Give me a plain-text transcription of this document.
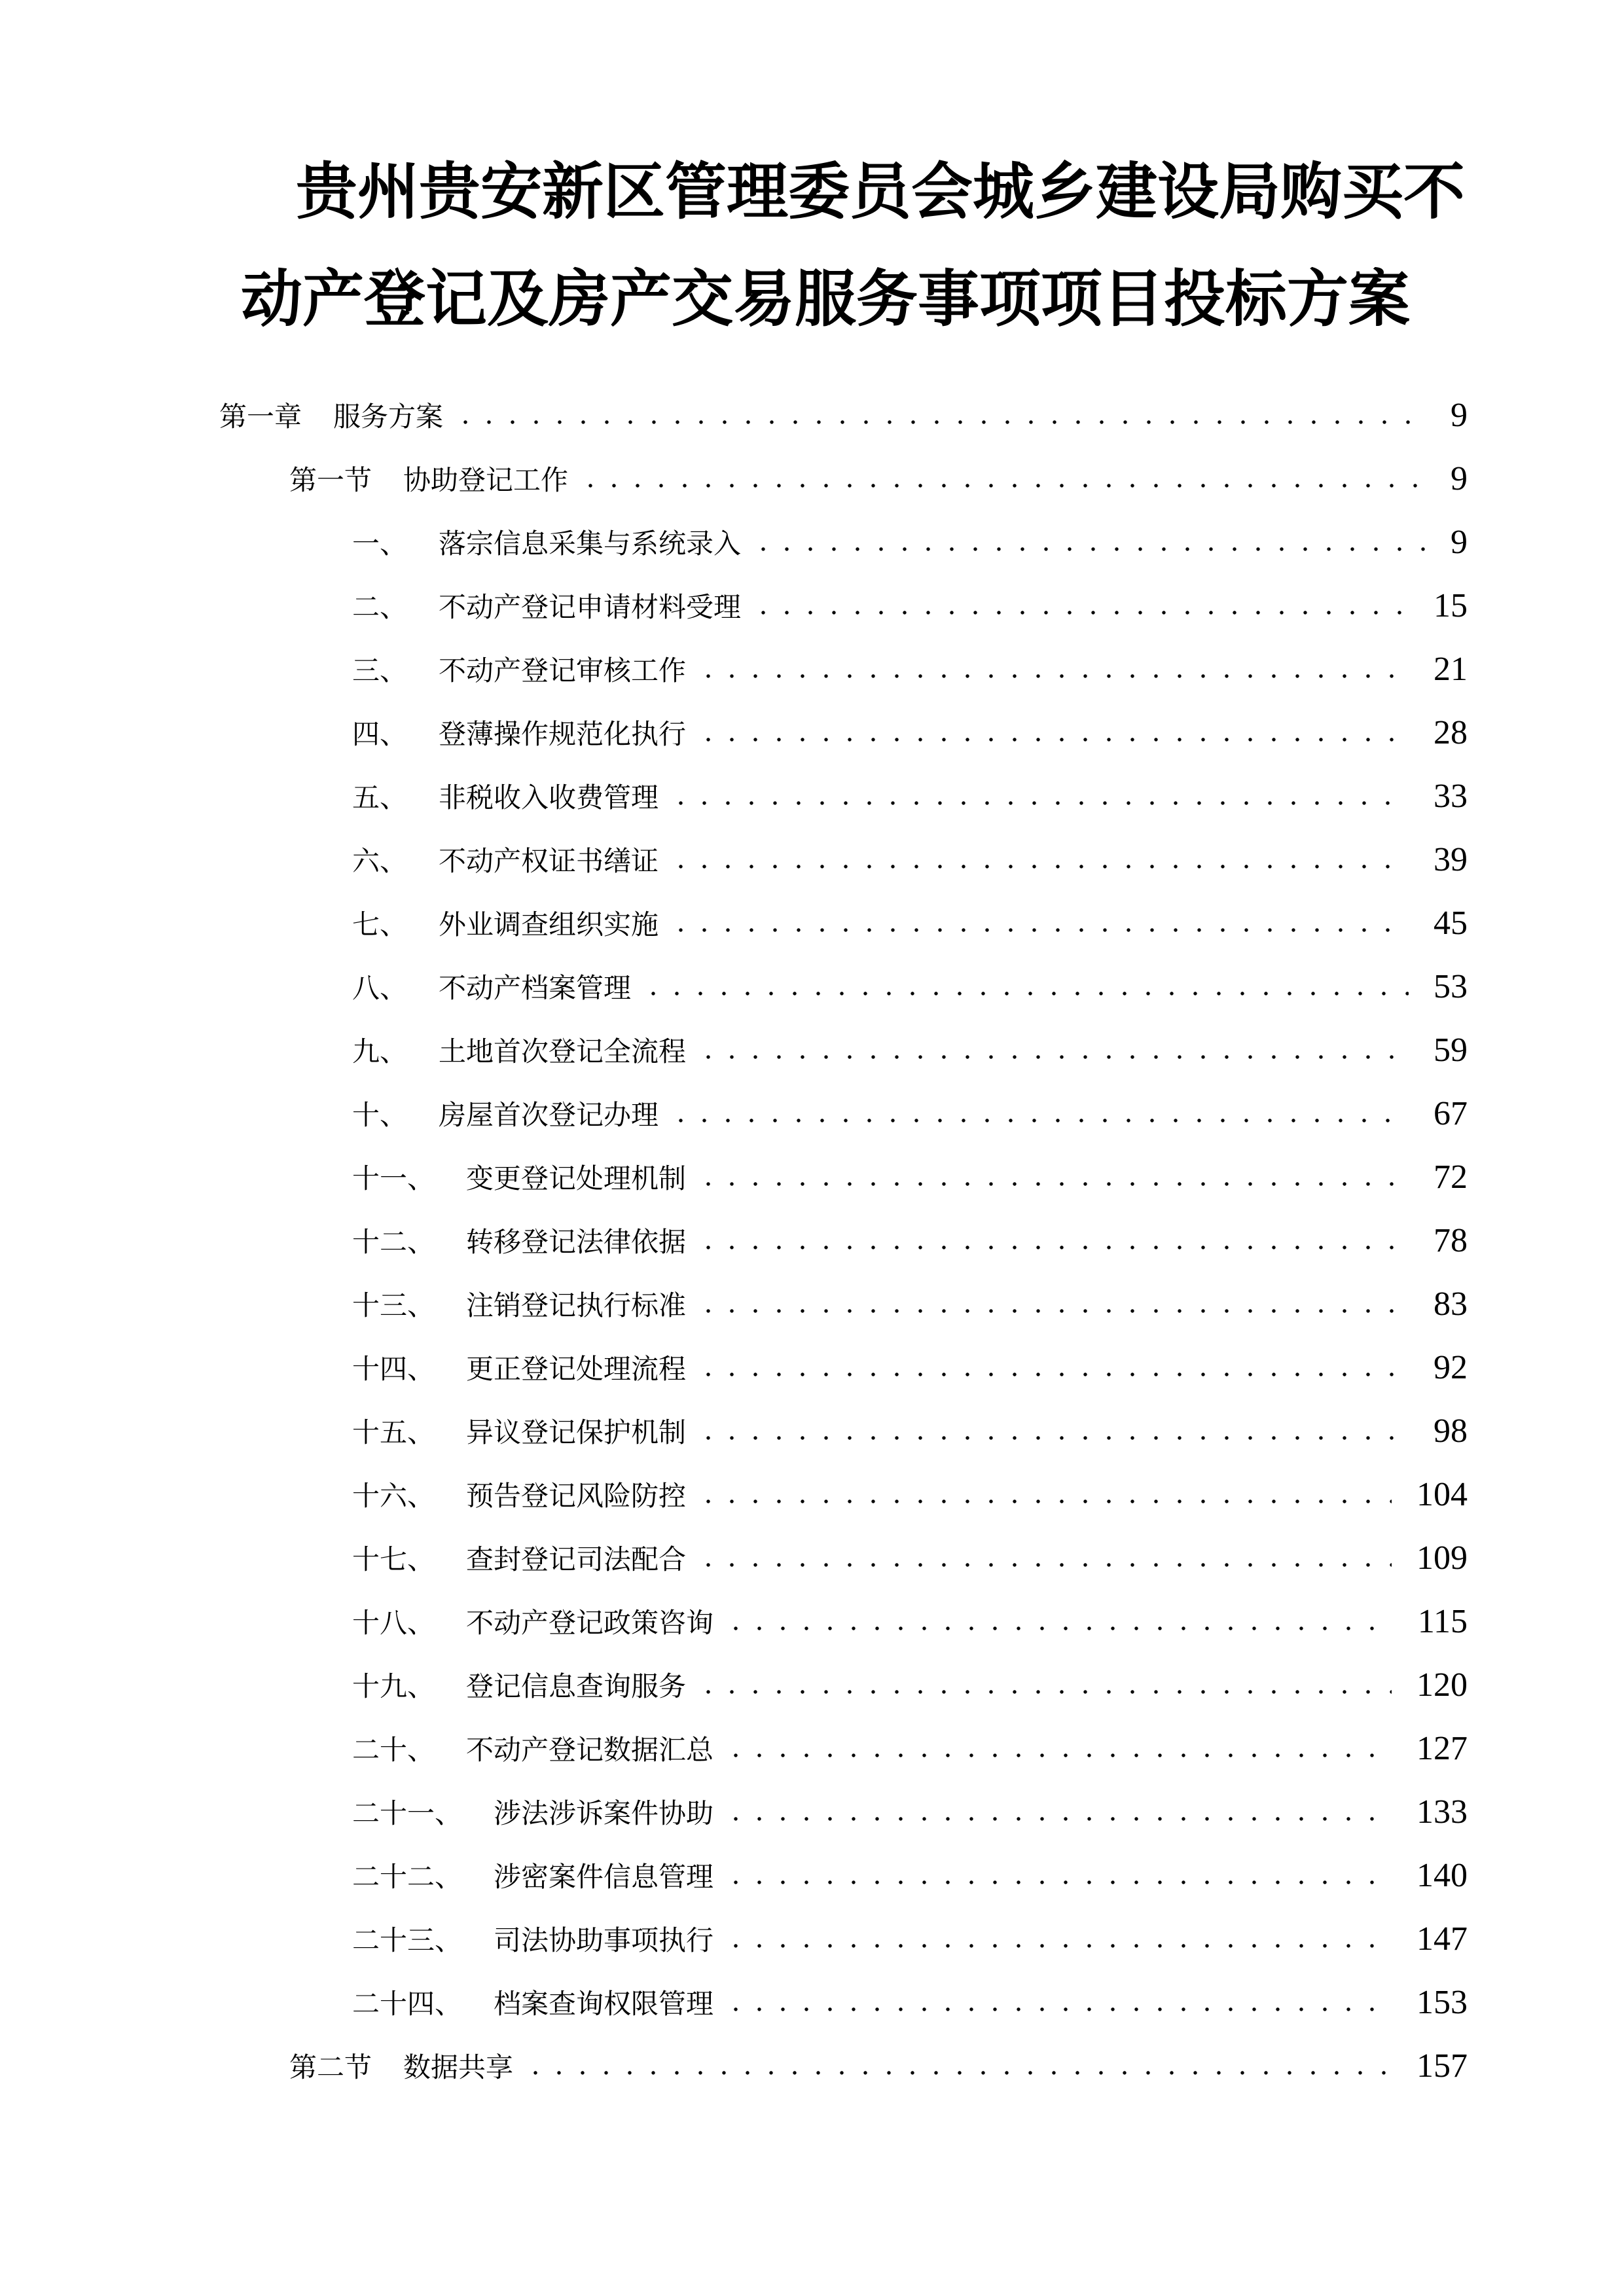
贵州贵安新区管理委员会城乡建设局购买不
动产登记及房产交易服务事项项目投标方案
第一章 服务方案	9
第一节 协助登记工作	9
一、 落宗信息采集与系统录入	9
二、 不动产登记申请材料受理	15
三、 不动产登记审核工作	21
四、 登薄操作规范化执行	28
五、 非税收入收费管理	33
六、 不动产权证书缮证	39
七、 外业调查组织实施	45
八、 不动产档案管理	53
九、 土地首次登记全流程	59
十、 房屋首次登记办理	67
十一、 变更登记处理机制	72
十二、 转移登记法律依据	78
十三、 注销登记执行标准	83
十四、 更正登记处理流程	92
十五、 异议登记保护机制	98
十六、 预告登记风险防控	104
十七、 查封登记司法配合	109
十八、 不动产登记政策咨询	115
十九、 登记信息查询服务	120
二十、 不动产登记数据汇总	127
二十一、 涉法涉诉案件协助	133
二十二、 涉密案件信息管理	140
二十三、 司法协助事项执行	147
二十四、 档案查询权限管理	153
第二节 数据共享	157
